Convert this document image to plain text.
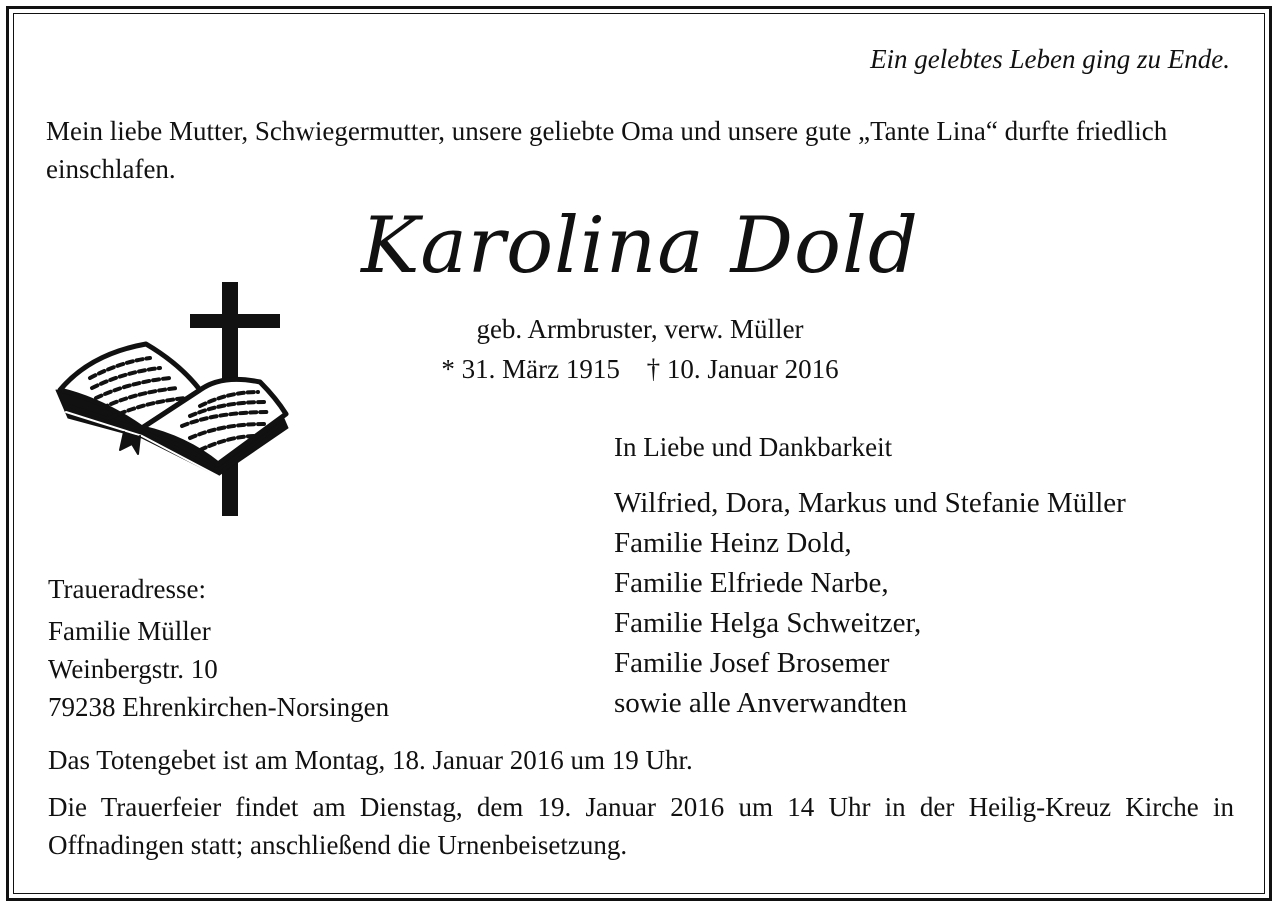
Ein gelebtes Leben ging zu Ende.
Mein liebe Mutter, Schwiegermutter, unsere geliebte Oma und unsere gute „Tante Lina“ durfte friedlich einschlafen.
Karolina Dold
geb. Armbruster, verw. Müller
* 31. März 1915 † 10. Januar 2016
In Liebe und Dankbarkeit
Wilfried, Dora, Markus und Stefanie Müller
Familie Heinz Dold,
Familie Elfriede Narbe,
Familie Helga Schweitzer,
Familie Josef Brosemer
sowie alle Anverwandten
Traueradresse:
Familie Müller
Weinbergstr. 10
79238 Ehrenkirchen-Norsingen
Das Totengebet ist am Montag, 18. Januar 2016 um 19 Uhr.
Die Trauerfeier findet am Dienstag, dem 19. Januar 2016 um 14 Uhr in der Heilig-Kreuz Kirche in Offnadingen statt; anschließend die Urnenbeisetzung.
